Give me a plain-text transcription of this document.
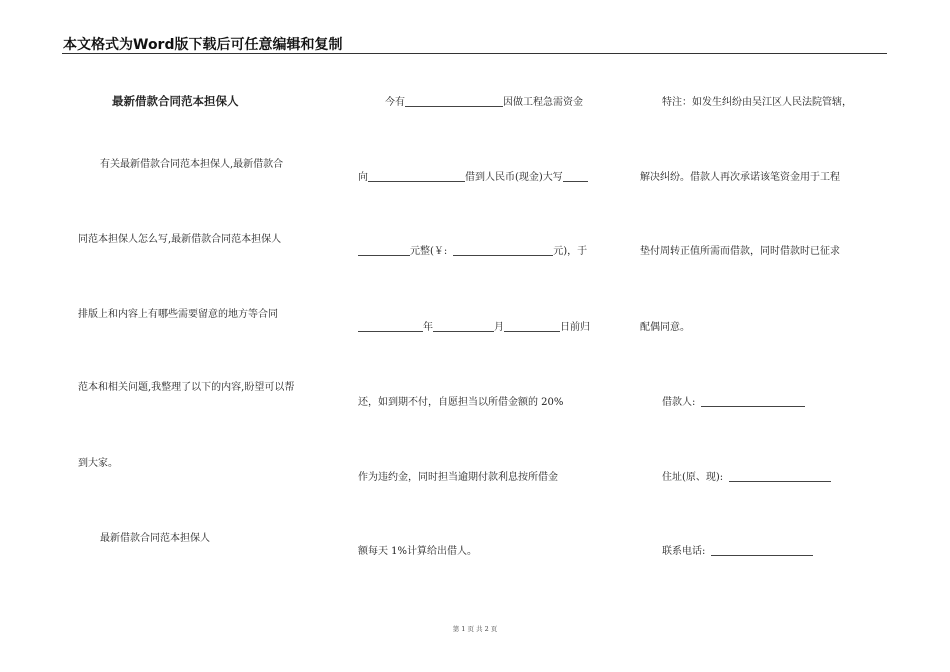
本文格式为Word版下载后可任意编辑和复制
最新借款合同范本担保人
有关最新借款合同范本担保人,最新借款合
同范本担保人怎么写,最新借款合同范本担保人
排版上和内容上有哪些需要留意的地方等合同
范本和相关问题,我整理了以下的内容,盼望可以帮
到大家。
最新借款合同范本担保人
今有	因做工程急需资金
向	借到人民币(现金)大写
元整(￥:	元)，于
年	月	日前归
还，如到期不付，自愿担当以所借金额的 20%
作为违约金，同时担当逾期付款利息按所借金
额每天 1%计算给出借人。
特注：如发生纠纷由吴江区人民法院管辖，
解决纠纷。借款人再次承诺该笔资金用于工程
垫付周转正值所需而借款，同时借款时已征求
配偶同意。
借款人:
住址(原、现):
联系电话:
第 1 页 共 2 页
